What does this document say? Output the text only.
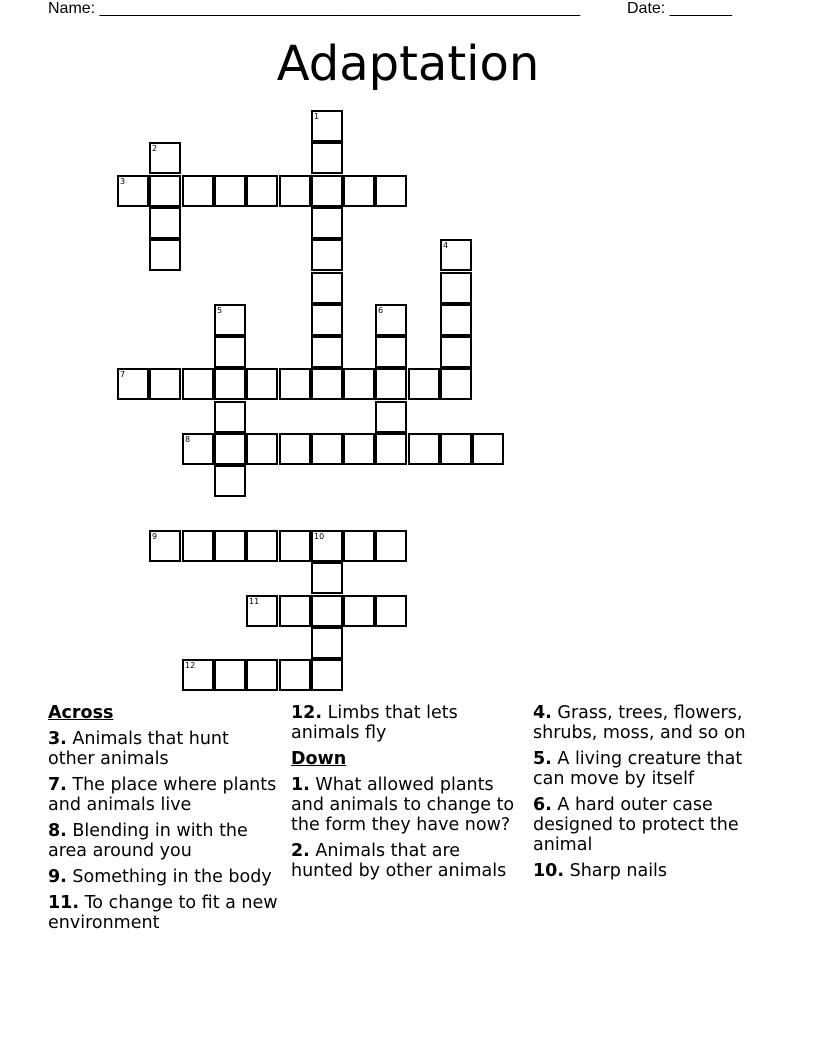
Name: ______________________________________________________	Date: _______
Adaptation
1
2
3
4
5	6
7
8
9	10
11
12
Across
3. Animals that hunt other animals
7. The place where plants and animals live
8. Blending in with the area around you
9. Something in the body
11. To change to fit a new environment
12. Limbs that lets animals fly
Down
1. What allowed plants and animals to change to the form they have now?
2. Animals that are hunted by other animals
4. Grass, trees, flowers, shrubs, moss, and so on
5. A living creature that can move by itself
6. A hard outer case designed to protect the animal
10. Sharp nails
